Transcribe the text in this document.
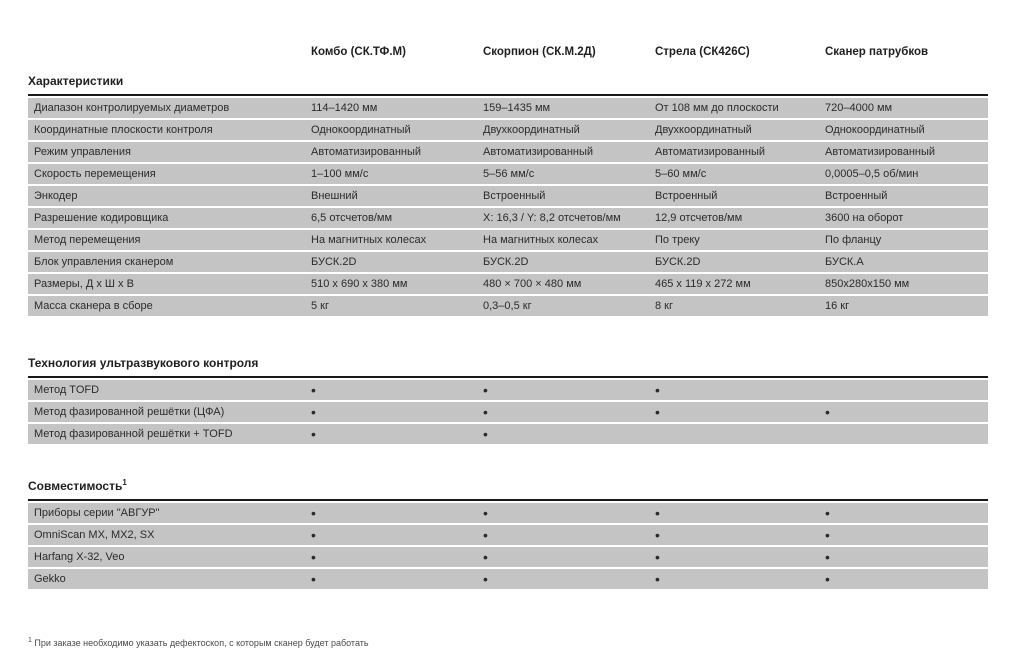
Комбо (СК.ТФ.М)	Скорпион (СК.М.2Д)	Стрела (СК426С)	Сканер патрубков
Характеристики
Диапазон контролируемых диаметров	114–1420 мм	159–1435 мм	От 108 мм до плоскости	720–4000 мм
Координатные плоскости контроля	Однокоординатный	Двухкоординатный	Двухкоординатный	Однокоординатный
Режим управления	Автоматизированный	Автоматизированный	Автоматизированный	Автоматизированный
Скорость перемещения	1–100 мм/с	5–56 мм/с	5–60 мм/с	0,0005–0,5 об/мин
Энкодер	Внешний	Встроенный	Встроенный	Встроенный
Разрешение кодировщика	6,5 отсчетов/мм	X: 16,3 / Y: 8,2 отсчетов/мм	12,9 отсчетов/мм	3600 на оборот
Метод перемещения	На магнитных колесах	На магнитных колесах	По треку	По фланцу
Блок управления сканером	БУСК.2D	БУСК.2D	БУСК.2D	БУСК.А
Размеры, Д х Ш х В	510 x 690 x 380 мм	480 × 700 × 480 мм	465 x 119 x 272 мм	850x280x150 мм
Масса сканера в сборе	5 кг	0,3–0,5 кг	8 кг	16 кг
Технология ультразвукового контроля
Метод TOFD	•	•	•
Метод фазированной решётки (ЦФА)	•	•	•	•
Метод фазированной решётки + TOFD	•	•
Совместимость$^1$
Приборы серии "АВГУР"	•	•	•	•
OmniScan MX, MX2, SX	•	•	•	•
Harfang X-32, Veo	•	•	•	•
Gekko	•	•	•	•
$^1$ При заказе необходимо указать дефектоскоп, с которым сканер будет работать
